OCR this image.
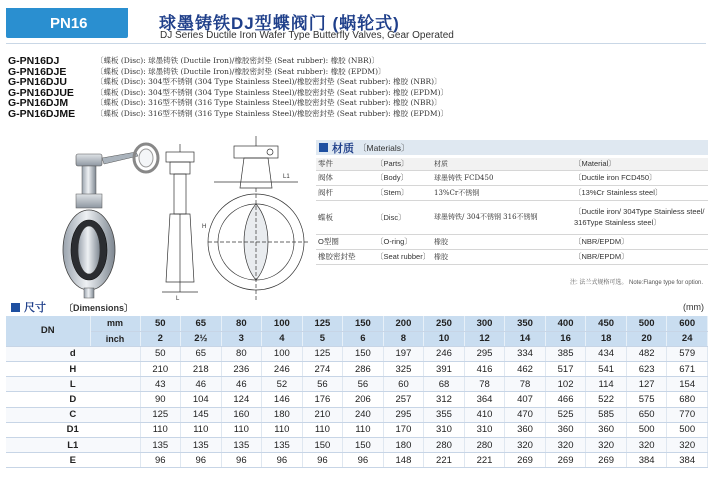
PN16	球墨铸铁DJ型蝶阀门 (蜗轮式)
DJ Series Ductile Iron Wafer Type Butterfly Valves, Gear Operated
G-PN16DJ	〔蝶板 (Disc): 球墨铸铁 (Ductile Iron)/橡胶密封垫 (Seat rubber): 橡胶 (NBR)〕
G-PN16DJE	〔蝶板 (Disc): 球墨铸铁 (Ductile Iron)/橡胶密封垫 (Seat rubber): 橡胶 (EPDM)〕
G-PN16DJU	〔蝶板 (Disc): 304型不锈钢 (304 Type Stainless Steel)/橡胶密封垫 (Seat rubber): 橡胶 (NBR)〕
G-PN16DJUE	〔蝶板 (Disc): 304型不锈钢 (304 Type Stainless Steel)/橡胶密封垫 (Seat rubber): 橡胶 (EPDM)〕
G-PN16DJM	〔蝶板 (Disc): 316型不锈钢 (316 Type Stainless Steel)/橡胶密封垫 (Seat rubber): 橡胶 (NBR)〕
G-PN16DJME	〔蝶板 (Disc): 316型不锈钢 (316 Type Stainless Steel)/橡胶密封垫 (Seat rubber): 橡胶 (EPDM)〕
L1
H
L
材质 〔Materials〕
零件	〔Parts〕	材质	〔Material〕
阀体	〔Body〕	球墨铸铁 FCD450	〔Ductile iron FCD450〕
阀杆	〔Stem〕	13%Cr不锈钢	〔13%Cr Stainless steel〕
蝶板	〔Disc〕	球墨铸铁/ 304不锈钢 316不锈钢	〔Ductile iron/ 304Type Stainless steel/ 316Type Stainless steel〕
O型圈	〔O-ring〕	橡胶	〔NBR/EPDM〕
橡胶密封垫	〔Seat rubber〕	橡胶	〔NBR/EPDM〕
注: 法兰式规格可选。 Note:Flange type for option.
尺寸 〔Dimensions〕	(mm)
DN	mm	50	65	80	100	125	150	200	250	300	350	400	450	500	600
	inch	2	2½	3	4	5	6	8	10	12	14	16	18	20	24
d		50	65	80	100	125	150	197	246	295	334	385	434	482	579
H		210	218	236	246	274	286	325	391	416	462	517	541	623	671
L		43	46	46	52	56	56	60	68	78	78	102	114	127	154
D		90	104	124	146	176	206	257	312	364	407	466	522	575	680
C		125	145	160	180	210	240	295	355	410	470	525	585	650	770
D1		110	110	110	110	110	110	170	310	310	360	360	360	500	500
L1		135	135	135	135	150	150	180	280	280	320	320	320	320	320
E		96	96	96	96	96	96	148	221	221	269	269	269	384	384
